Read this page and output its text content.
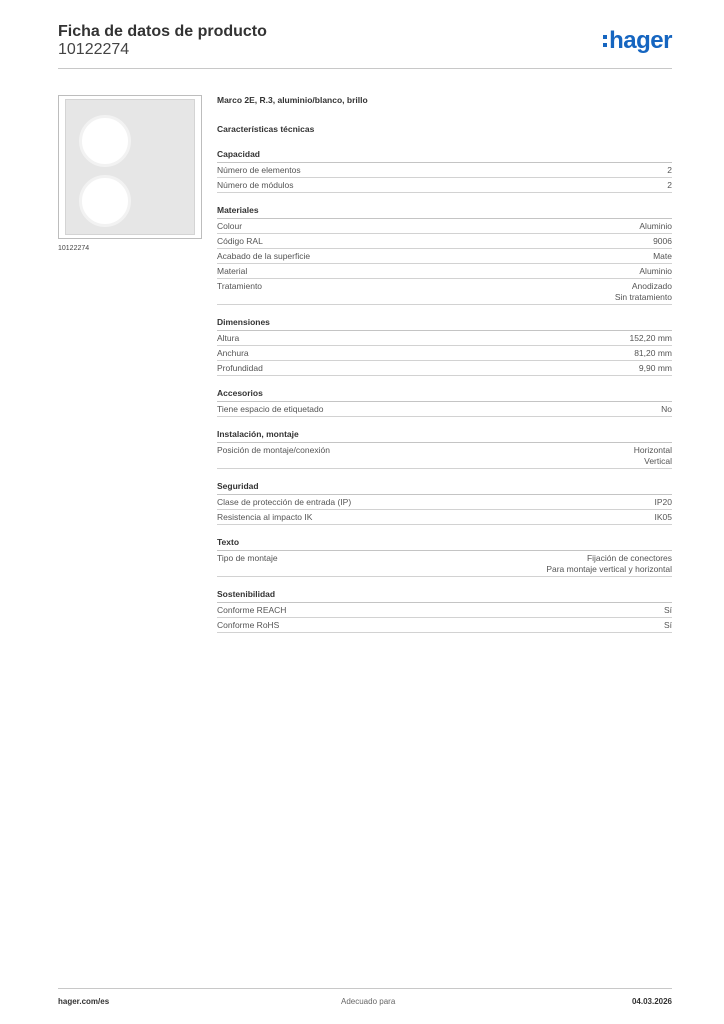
Ficha de datos de producto
10122274	hager
10122274
Marco 2E, R.3, aluminio/blanco, brillo
Características técnicas
Capacidad
Número de elementos	2
Número de módulos	2
Materiales
Colour	Aluminio
Código RAL	9006
Acabado de la superficie	Mate
Material	Aluminio
Tratamiento	Anodizado
Sin tratamiento
Dimensiones
Altura	152,20 mm
Anchura	81,20 mm
Profundidad	9,90 mm
Accesorios
Tiene espacio de etiquetado	No
Instalación, montaje
Posición de montaje/conexión	Horizontal
Vertical
Seguridad
Clase de protección de entrada (IP)	IP20
Resistencia al impacto IK	IK05
Texto
Tipo de montaje	Fijación de conectores
Para montaje vertical y horizontal
Sostenibilidad
Conforme REACH	Sí
Conforme RoHS	Sí
hager.com/es	Adecuado para	04.03.2026
